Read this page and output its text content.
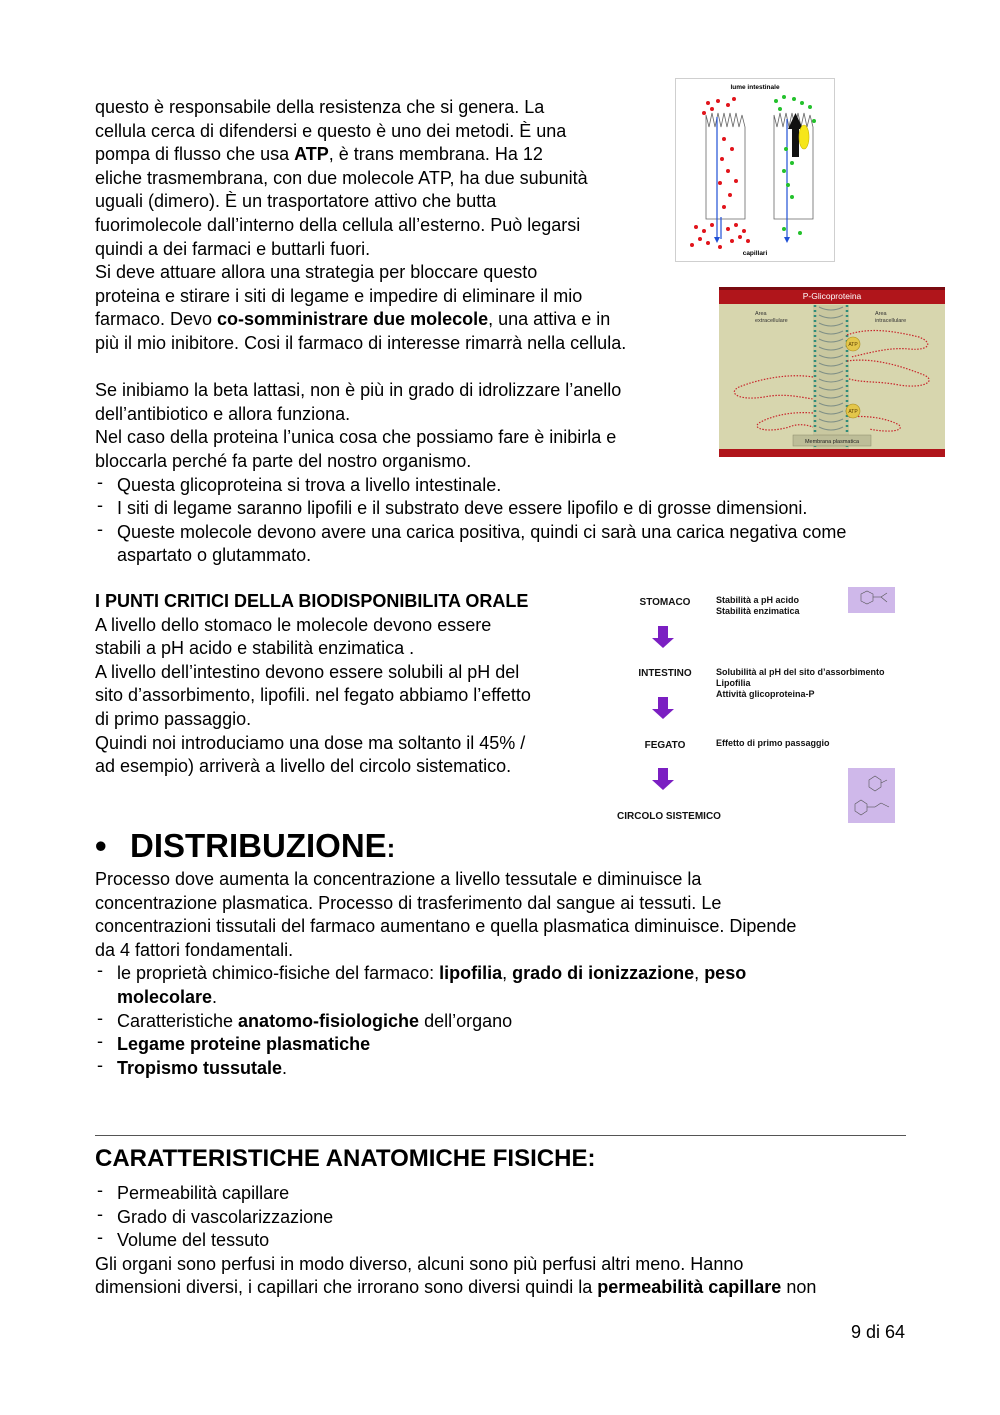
questo è responsabile della resistenza che si genera. La

cellula cerca di difendersi e questo è uno dei metodi. È una

pompa di flusso che usa ATP, è trans membrana. Ha 12

eliche trasmembrana, con due molecole ATP, ha due subunità

uguali (dimero). È un trasportatore attivo che butta

fuorimolecole dall’interno della cellula all’esterno. Può legarsi

quindi a dei farmaci e buttarli fuori.

Si deve attuare allora una strategia per bloccare questo

proteina e stirare i siti di legame e impedire di eliminare il mio

farmaco. Devo co-somministrare due molecole, una attiva e in

più il mio inibitore. Cosi il farmaco di interesse rimarrà nella cellula.

Se inibiamo la beta lattasi, non è più in grado di idrolizzare l’anello

dell’antibiotico e allora funziona.

Nel caso della proteina l’unica cosa che possiamo fare è inibirla e

bloccarla perché fa parte del nostro organismo.

- Questa glicoproteina si trova a livello intestinale.
- I siti di legame saranno lipofili e il substrato deve essere lipofilo e di grosse dimensioni.
- Queste molecole devono avere una carica positiva, quindi ci sarà una carica negativa come aspartato o glutammato.
lume intestinale
capillari
P-Glicoproteina
Area
extracellulare
Area
intracellulare
ATP
ATP
Membrana plasmatica

I PUNTI CRITICI DELLA BIODISPONIBILITA ORALE

A livello dello stomaco le molecole devono essere

stabili a pH acido e stabilità enzimatica .

A livello dell’intestino devono essere solubili al pH del

sito d’assorbimento, lipofili. nel fegato abbiamo l’effetto

di primo passaggio.

Quindi noi introduciamo una dose ma soltanto il 45% /

ad esempio) arriverà a livello del circolo sistematico.

STOMACO	Stabilità a pH acido
Stabilità enzimatica
INTESTINO	Solubilità al pH del sito d’assorbimento
Lipofilia
Attività glicoproteina-P
FEGATO	Effetto di primo passaggio
CIRCOLO SISTEMICO
• DISTRIBUZIONE:

Processo dove aumenta la concentrazione a livello tessutale e diminuisce la

concentrazione plasmatica. Processo di trasferimento dal sangue ai tessuti. Le

concentrazioni tissutali del farmaco aumentano e quella plasmatica diminuisce. Dipende

da 4 fattori fondamentali.

- le proprietà chimico-fisiche del farmaco: lipofilia, grado di ionizzazione, peso molecolare.
- Caratteristiche anatomo-fisiologiche dell’organo
- Legame proteine plasmatiche
- Tropismo tussutale.
CARATTERISTICHE ANATOMICHE FISICHE:
- Permeabilità capillare
- Grado di vascolarizzazione
- Volume del tessuto

Gli organi sono perfusi in modo diverso, alcuni sono più perfusi altri meno. Hanno

dimensioni diversi, i capillari che irrorano sono diversi quindi la permeabilità capillare non

9 di 64
